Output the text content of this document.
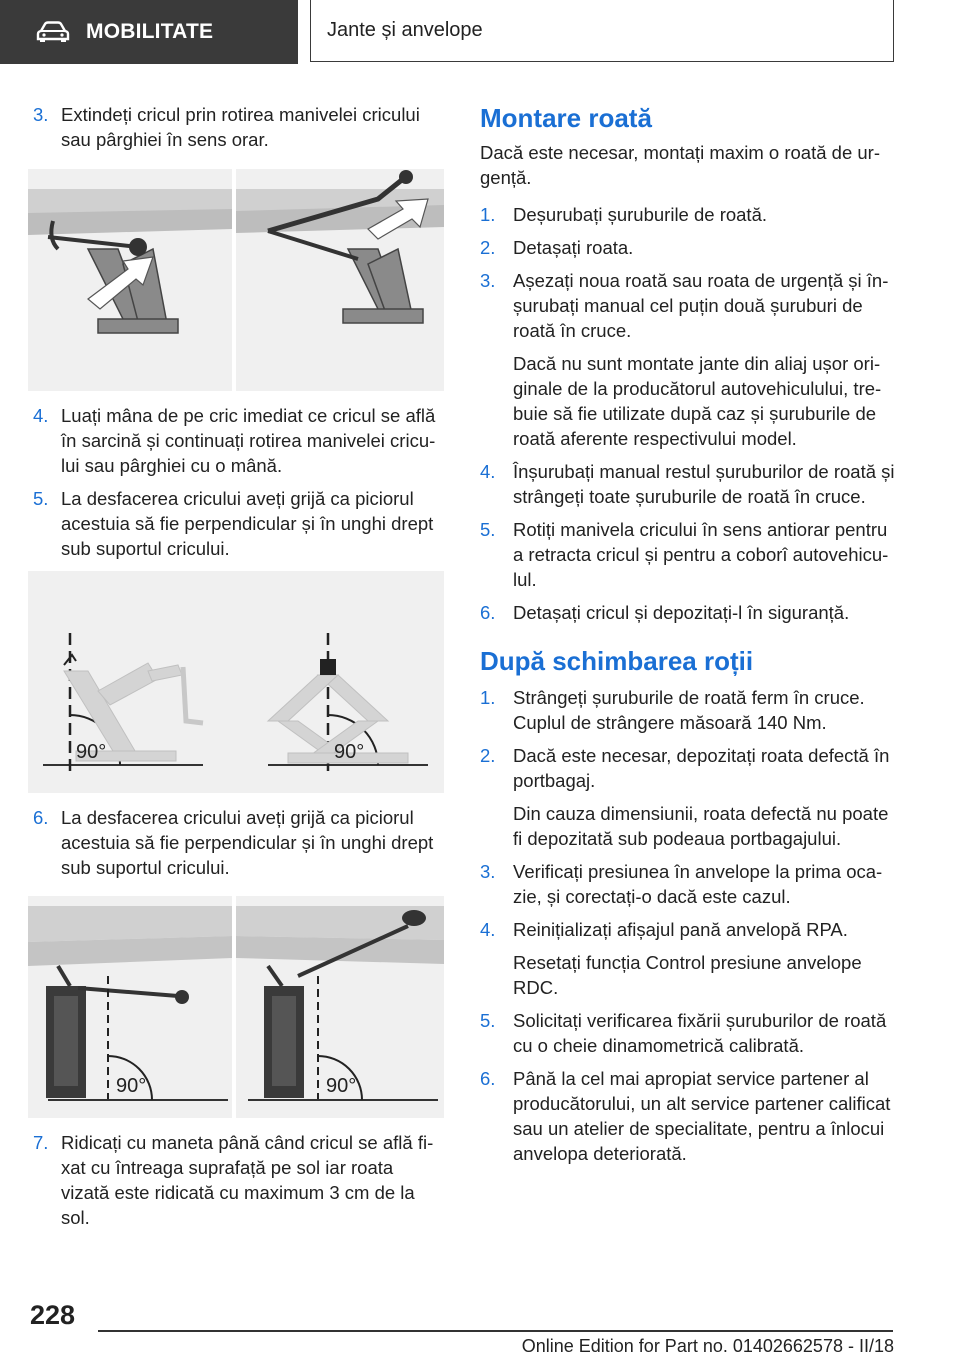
MOBILITATE	Jante și anvelope
3. Extindeți cricul prin rotirea manivelei cricului sau pârghiei în sens orar.
4. Luați mâna de pe cric imediat ce cricul se află în sarcină și continuați rotirea manivelei cricului sau pârghiei cu o mână.
5. La desfacerea cricului aveți grijă ca piciorul acestuia să fie perpendicular și în unghi drept sub suportul cricului.
90°	90°
6. La desfacerea cricului aveți grijă ca piciorul acestuia să fie perpendicular și în unghi drept sub suportul cricului.
90°	90°
7. Ridicați cu maneta până când cricul se află fixat cu întreaga suprafață pe sol iar roata vizată este ridicată cu maximum 3 cm de la sol.
Montare roată
Dacă este necesar, montați maxim o roată de urgență.
1. Deșurubați șuruburile de roată.
2. Detașați roata.
3. Așezați noua roată sau roata de urgență și înșurubați manual cel puțin două șuruburi de roată în cruce.
Dacă nu sunt montate jante din aliaj ușor originale de la producătorul autovehiculului, trebuie să fie utilizate după caz și șuruburile de roată aferente respectivului model.
4. Înșurubați manual restul șuruburilor de roată și strângeți toate șuruburile de roată în cruce.
5. Rotiți manivela cricului în sens antiorar pentru a retracta cricul și pentru a coborî autovehiculul.
6. Detașați cricul și depozitați-l în siguranță.
După schimbarea roții
1. Strângeți șuruburile de roată ferm în cruce. Cuplul de strângere măsoară 140 Nm.
2. Dacă este necesar, depozitați roata defectă în portbagaj.
Din cauza dimensiunii, roata defectă nu poate fi depozitată sub podeaua portbagajului.
3. Verificați presiunea în anvelope la prima ocazie, și corectați-o dacă este cazul.
4. Reinițializați afișajul pană anvelopă RPA.
Resetați funcția Control presiune anvelope RDC.
5. Solicitați verificarea fixării șuruburilor de roată cu o cheie dinamometrică calibrată.
6. Până la cel mai apropiat service partener al producătorului, un alt service partener calificat sau un atelier de specialitate, pentru a înlocui anvelopa deteriorată.
228
Online Edition for Part no. 01402662578 - II/18
